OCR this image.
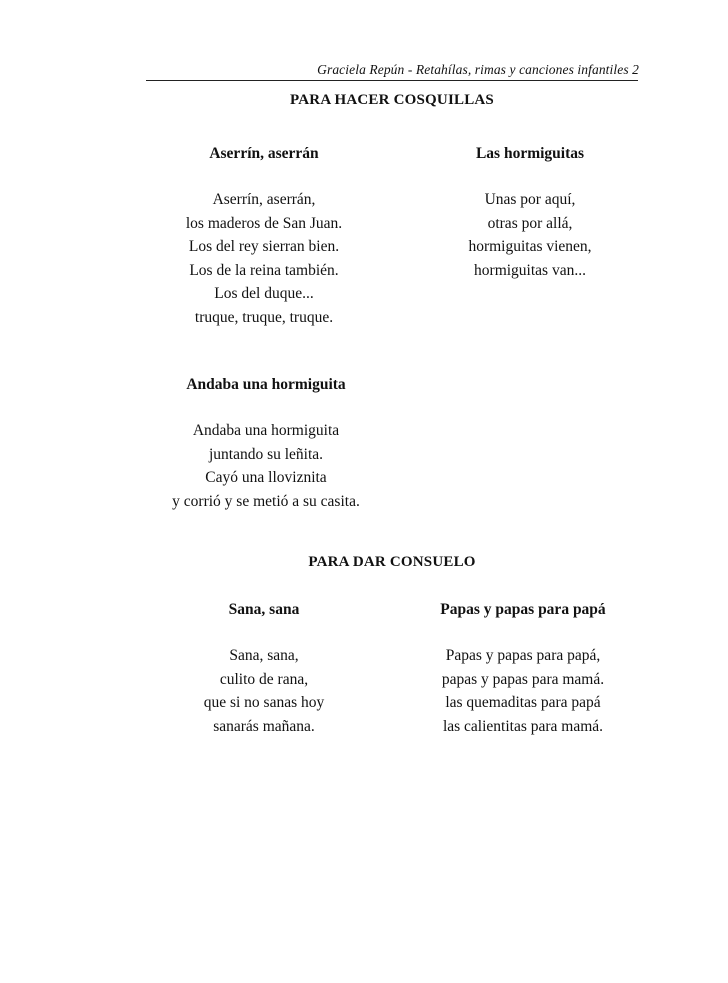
Graciela Repún - Retahílas, rimas y canciones infantiles 2
PARA HACER COSQUILLAS
Aserrín, aserrán
Aserrín, aserrán,
los maderos de San Juan.
Los del rey sierran bien.
Los de la reina también.
Los del duque...
truque, truque, truque.
Las hormiguitas
Unas por aquí,
otras por allá,
hormiguitas vienen,
hormiguitas van...
Andaba una hormiguita
Andaba una hormiguita
juntando su leñita.
Cayó una lloviznita
y corrió y se metió a su casita.
PARA DAR CONSUELO
Sana, sana
Sana, sana,
culito de rana,
que si no sanas hoy
sanarás mañana.
Papas y papas para papá
Papas y papas para papá,
papas y papas para mamá.
las quemaditas para papá
las calientitas para mamá.
